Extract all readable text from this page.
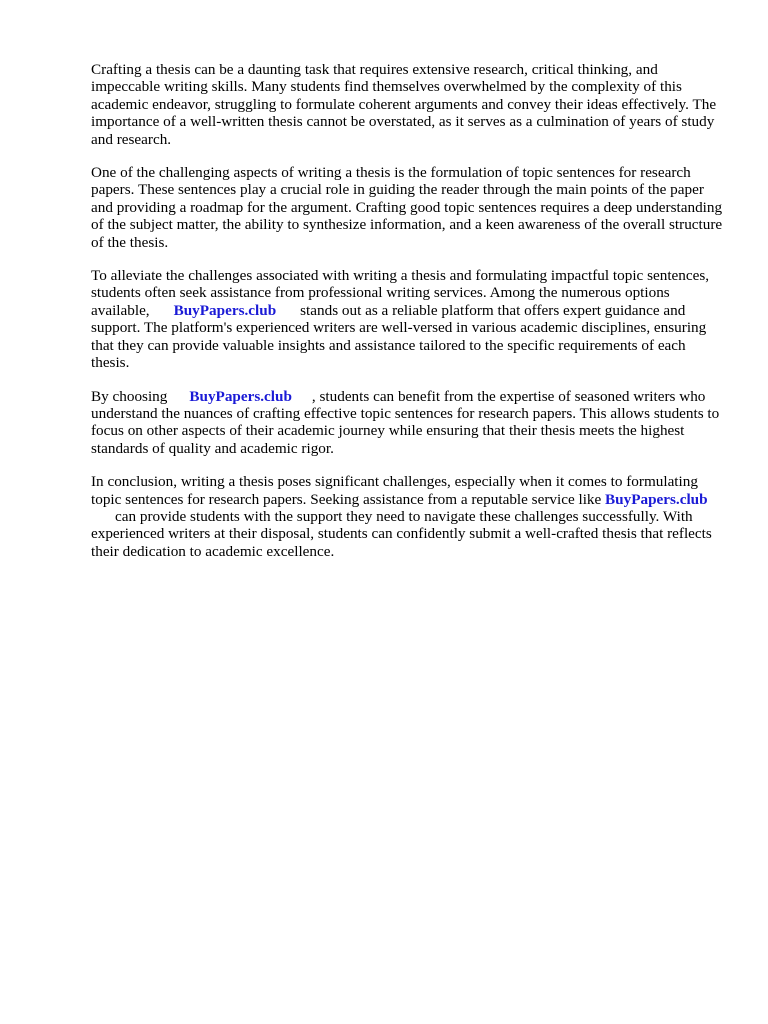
Crafting a thesis can be a daunting task that requires extensive research, critical thinking, and impeccable writing skills. Many students find themselves overwhelmed by the complexity of this academic endeavor, struggling to formulate coherent arguments and convey their ideas effectively. The importance of a well-written thesis cannot be overstated, as it serves as a culmination of years of study and research.

One of the challenging aspects of writing a thesis is the formulation of topic sentences for research papers. These sentences play a crucial role in guiding the reader through the main points of the paper and providing a roadmap for the argument. Crafting good topic sentences requires a deep understanding of the subject matter, the ability to synthesize information, and a keen awareness of the overall structure of the thesis.

To alleviate the challenges associated with writing a thesis and formulating impactful topic sentences, students often seek assistance from professional writing services. Among the numerous options available, BuyPapers.club stands out as a reliable platform that offers expert guidance and support. The platform's experienced writers are well-versed in various academic disciplines, ensuring that they can provide valuable insights and assistance tailored to the specific requirements of each thesis.

By choosing BuyPapers.club , students can benefit from the expertise of seasoned writers who understand the nuances of crafting effective topic sentences for research papers. This allows students to focus on other aspects of their academic journey while ensuring that their thesis meets the highest standards of quality and academic rigor.

In conclusion, writing a thesis poses significant challenges, especially when it comes to formulating topic sentences for research papers. Seeking assistance from a reputable service like BuyPapers.clubcan provide students with the support they need to navigate these challenges successfully. With experienced writers at their disposal, students can confidently submit a well-crafted thesis that reflects their dedication to academic excellence.
